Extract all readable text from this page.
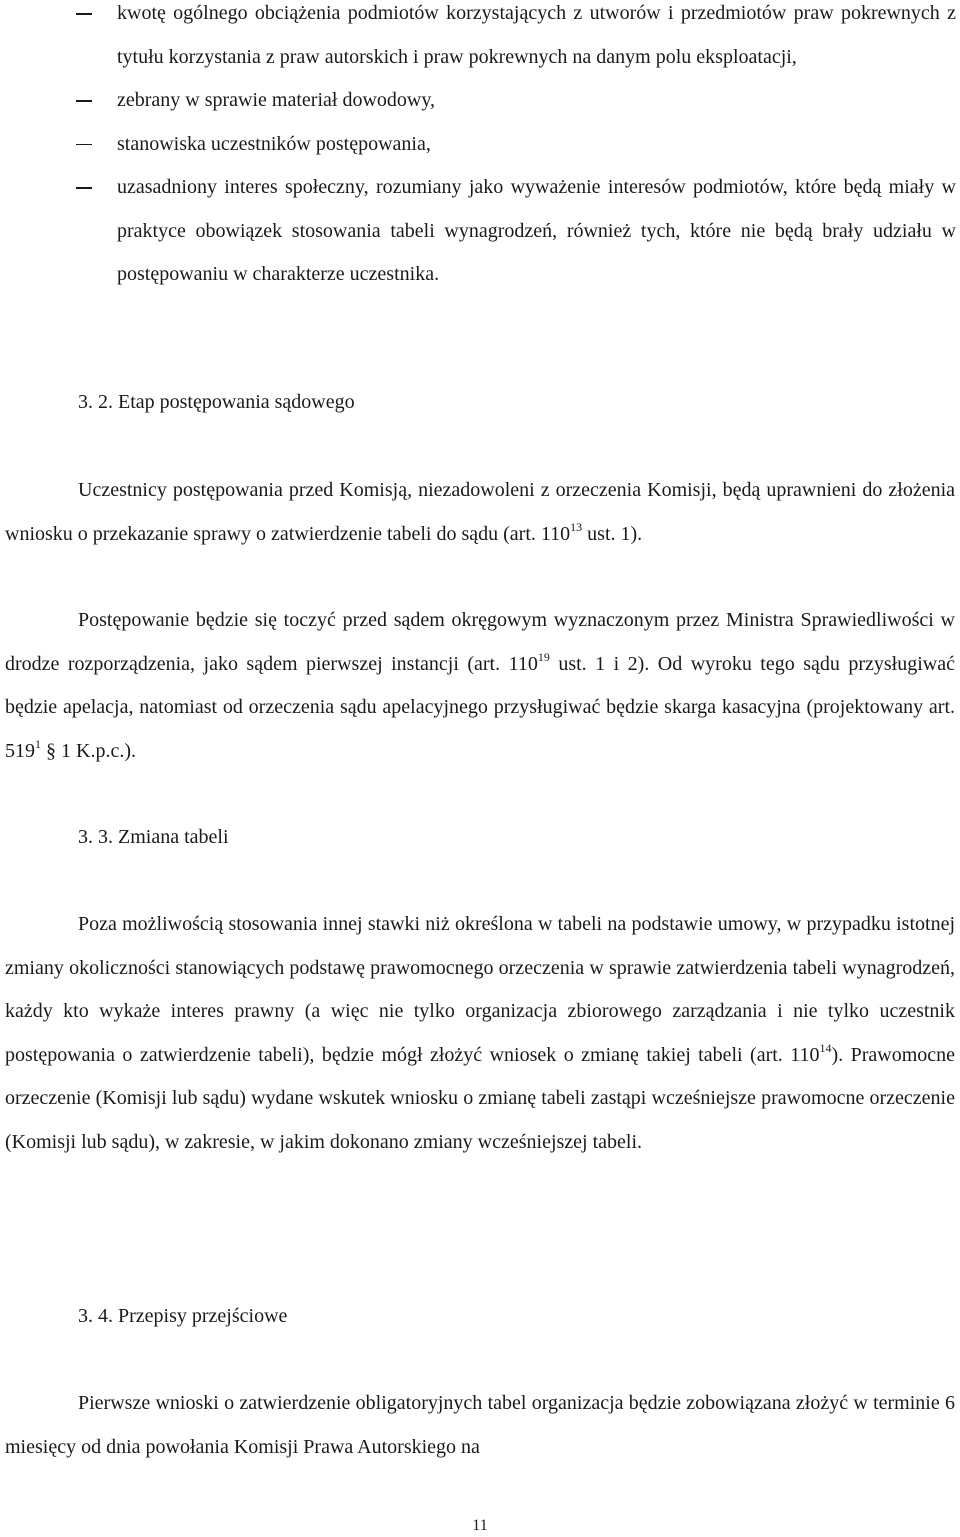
kwotę ogólnego obciążenia podmiotów korzystających z utworów i przedmiotów praw pokrewnych z tytułu korzystania z praw autorskich i praw pokrewnych na danym polu eksploatacji,
zebrany w sprawie materiał dowodowy,
stanowiska uczestników postępowania,
uzasadniony interes społeczny, rozumiany jako wyważenie interesów podmiotów, które będą miały w praktyce obowiązek stosowania tabeli wynagrodzeń, również tych, które nie będą brały udziału w postępowaniu w charakterze uczestnika.
3. 2. Etap postępowania sądowego
Uczestnicy postępowania przed Komisją, niezadowoleni z orzeczenia Komisji, będą uprawnieni do złożenia wniosku o przekazanie sprawy o zatwierdzenie tabeli do sądu (art. $110^{13}$ ust. 1).
Postępowanie będzie się toczyć przed sądem okręgowym wyznaczonym przez Ministra Sprawiedliwości w drodze rozporządzenia, jako sądem pierwszej instancji (art. $110^{19}$ ust. 1 i 2). Od wyroku tego sądu przysługiwać będzie apelacja, natomiast od orzeczenia sądu apelacyjnego przysługiwać będzie skarga kasacyjna (projektowany art. $519^1$ § 1 K.p.c.).
3. 3. Zmiana tabeli
Poza możliwością stosowania innej stawki niż określona w tabeli na podstawie umowy, w przypadku istotnej zmiany okoliczności stanowiących podstawę prawomocnego orzeczenia w sprawie zatwierdzenia tabeli wynagrodzeń, każdy kto wykaże interes prawny (a więc nie tylko organizacja zbiorowego zarządzania i nie tylko uczestnik postępowania o zatwierdzenie tabeli), będzie mógł złożyć wniosek o zmianę takiej tabeli (art. $110^{14}$). Prawomocne orzeczenie (Komisji lub sądu) wydane wskutek wniosku o zmianę tabeli zastąpi wcześniejsze prawomocne orzeczenie (Komisji lub sądu), w zakresie, w jakim dokonano zmiany wcześniejszej tabeli.
3. 4. Przepisy przejściowe
Pierwsze wnioski o zatwierdzenie obligatoryjnych tabel organizacja będzie zobowiązana złożyć w terminie 6 miesięcy od dnia powołania Komisji Prawa Autorskiego na
11
